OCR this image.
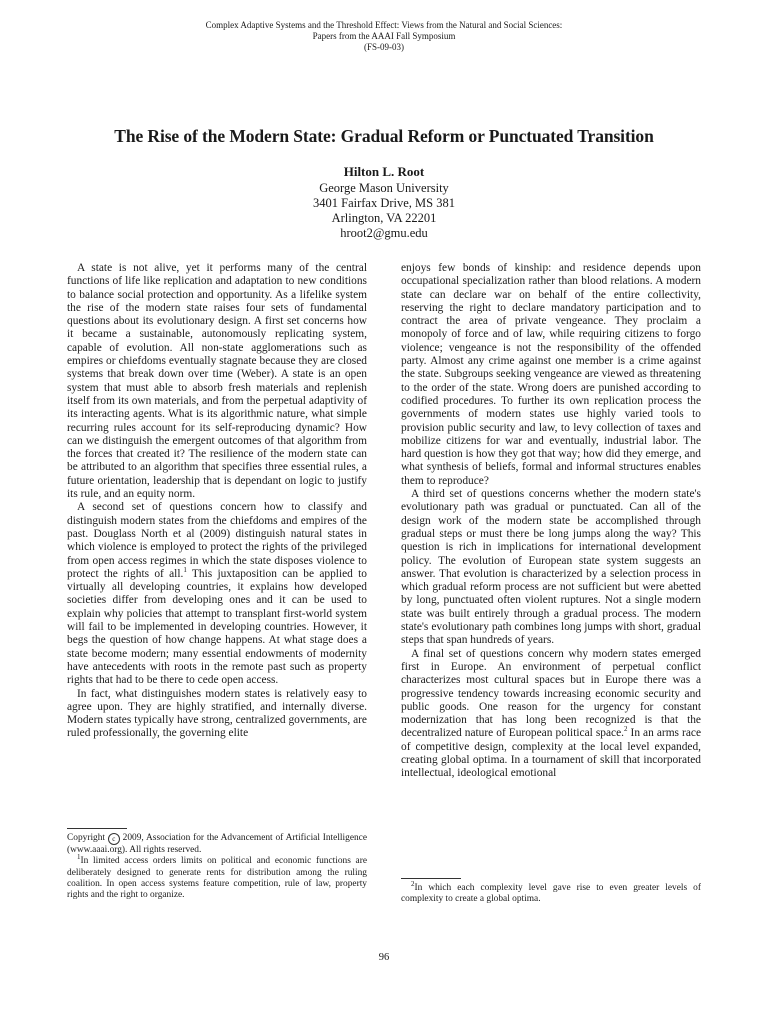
Complex Adaptive Systems and the Threshold Effect: Views from the Natural and Social Sciences:
Papers from the AAAI Fall Symposium
(FS-09-03)
The Rise of the Modern State: Gradual Reform or Punctuated Transition
Hilton L. Root
George Mason University
3401 Fairfax Drive, MS 381
Arlington, VA 22201
hroot2@gmu.edu

A state is not alive, yet it performs many of the central functions of life like replication and adaptation to new conditions to balance social protection and opportunity. As a lifelike system the rise of the modern state raises four sets of fundamental questions about its evolutionary design. A first set concerns how it became a sustainable, autonomously replicating system, capable of evolution. All non-state agglomerations such as empires or chiefdoms eventually stagnate because they are closed systems that break down over time (Weber). A state is an open system that must able to absorb fresh materials and replenish itself from its own materials, and from the perpetual adaptivity of its interacting agents. What is its algorithmic nature, what simple recurring rules account for its self-reproducing dynamic? How can we distinguish the emergent outcomes of that algorithm from the forces that created it? The resilience of the modern state can be attributed to an algorithm that specifies three essential rules, a future orientation, leadership that is dependant on logic to justify its rule, and an equity norm.

A second set of questions concern how to classify and distinguish modern states from the chiefdoms and empires of the past. Douglass North et al (2009) distinguish natural states in which violence is employed to protect the rights of the privileged from open access regimes in which the state disposes violence to protect the rights of all.$^1$ This juxtaposition can be applied to virtually all developing countries, it explains how developed societies differ from developing ones and it can be used to explain why policies that attempt to transplant first-world system will fail to be implemented in developing countries. However, it begs the question of how change happens. At what stage does a state become modern; many essential endowments of modernity have antecedents with roots in the remote past such as property rights that had to be there to cede open access.

In fact, what distinguishes modern states is relatively easy to agree upon. They are highly stratified, and internally diverse. Modern states typically have strong, centralized governments, are ruled professionally, the governing elite

enjoys few bonds of kinship: and residence depends upon occupational specialization rather than blood relations. A modern state can declare war on behalf of the entire collectivity, reserving the right to declare mandatory participation and to contract the area of private vengeance. They proclaim a monopoly of force and of law, while requiring citizens to forgo violence; vengeance is not the responsibility of the offended party. Almost any crime against one member is a crime against the state. Subgroups seeking vengeance are viewed as threatening to the order of the state. Wrong doers are punished according to codified procedures. To further its own replication process the governments of modern states use highly varied tools to provision public security and law, to levy collection of taxes and mobilize citizens for war and eventually, industrial labor. The hard question is how they got that way; how did they emerge, and what synthesis of beliefs, formal and informal structures enables them to reproduce?

A third set of questions concerns whether the modern state's evolutionary path was gradual or punctuated. Can all of the design work of the modern state be accomplished through gradual steps or must there be long jumps along the way? This question is rich in implications for international development policy. The evolution of European state system suggests an answer. That evolution is characterized by a selection process in which gradual reform process are not sufficient but were abetted by long, punctuated often violent ruptures. Not a single modern state was built entirely through a gradual process. The modern state's evolutionary path combines long jumps with short, gradual steps that span hundreds of years.

A final set of questions concern why modern states emerged first in Europe. An environment of perpetual conflict characterizes most cultural spaces but in Europe there was a progressive tendency towards increasing economic security and public goods. One reason for the urgency for constant modernization that has long been recognized is that the decentralized nature of European political space.$^2$ In an arms race of competitive design, complexity at the local level expanded, creating global optima. In a tournament of skill that incorporated intellectual, ideological emotional

Copyright c 2009, Association for the Advancement of Artificial Intelligence (www.aaai.org). All rights reserved.

$^1$In limited access orders limits on political and economic functions are deliberately designed to generate rents for distribution among the ruling coalition. In open access systems feature competition, rule of law, property rights and the right to organize.

$^2$In which each complexity level gave rise to even greater levels of complexity to create a global optima.

96
